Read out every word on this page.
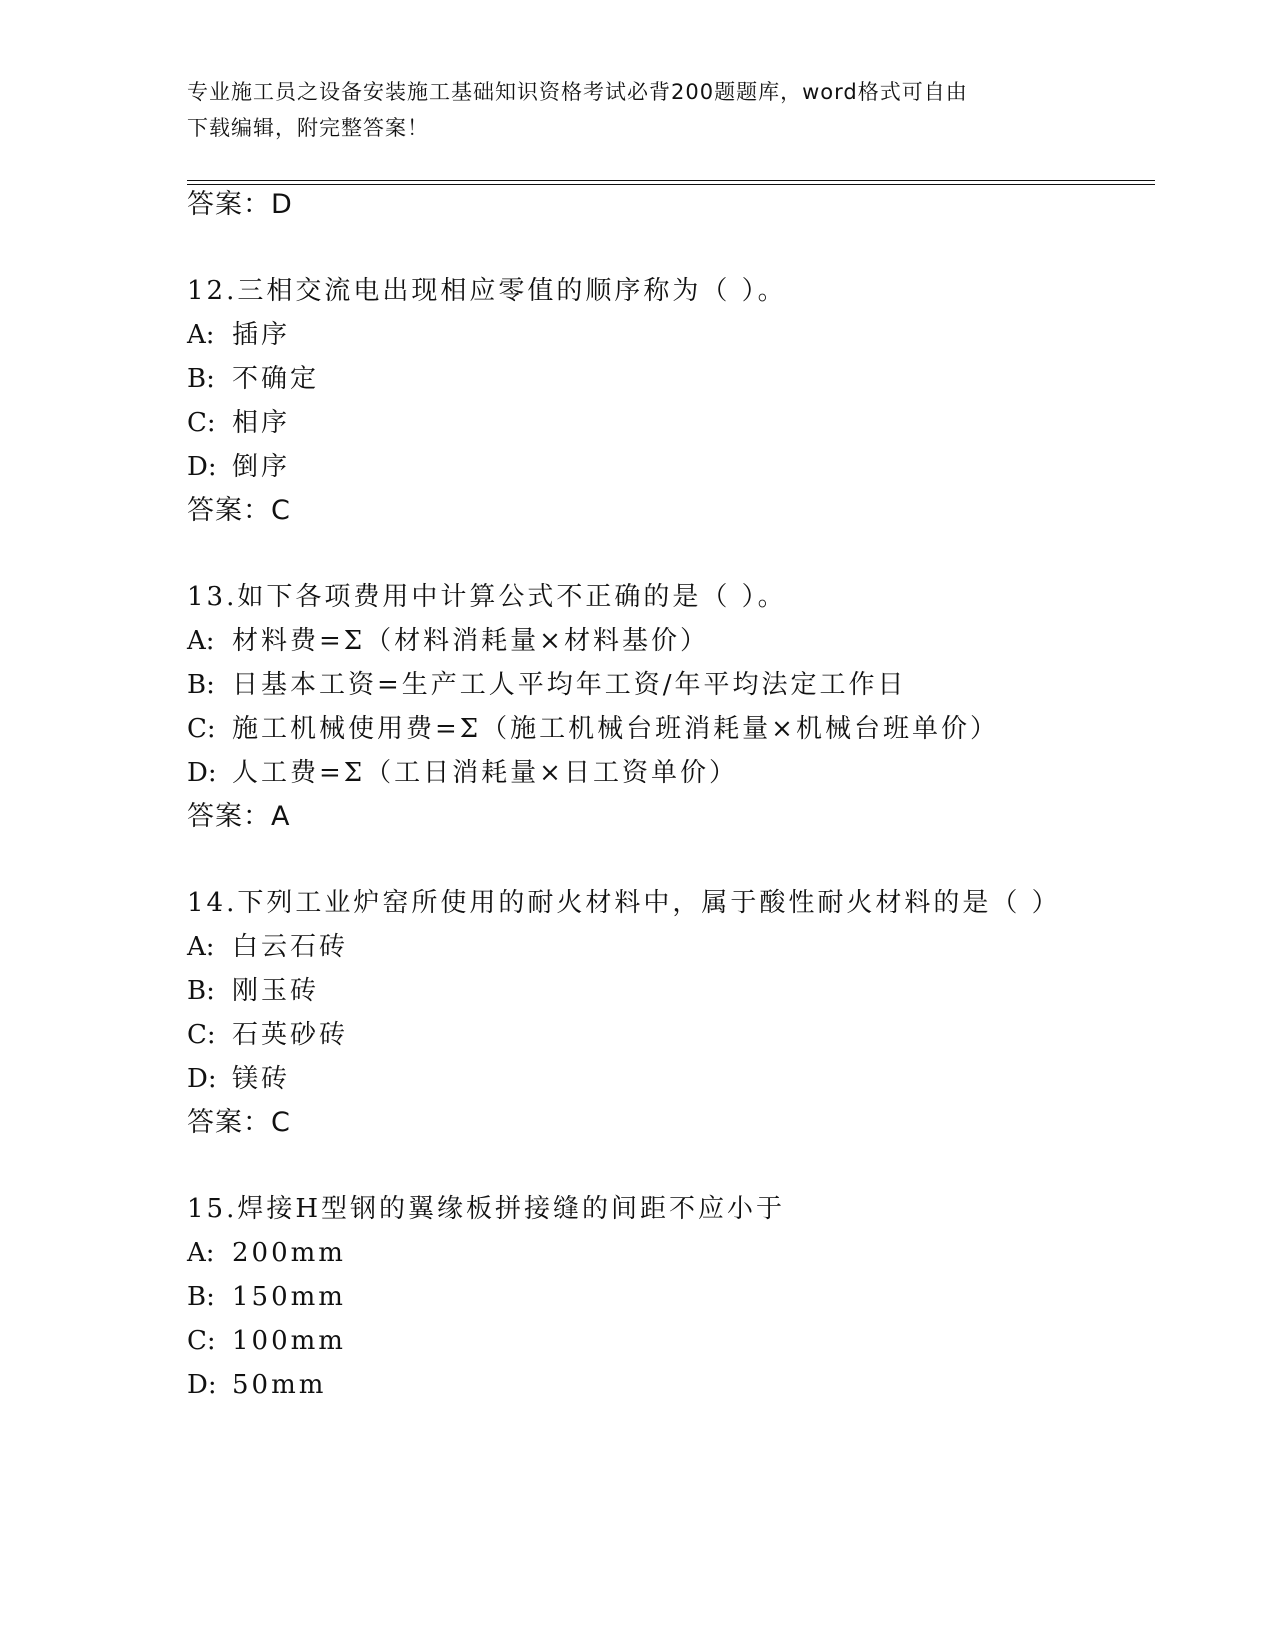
专业施工员之设备安装施工基础知识资格考试必背200题题库，word格式可自由
下载编辑，附完整答案！
答案：D
12.三相交流电出现相应零值的顺序称为（ ）。
A: 插序
B: 不确定
C: 相序
D: 倒序
答案：C
13.如下各项费用中计算公式不正确的是（ ）。
A: 材料费=Σ（材料消耗量×材料基价）
B: 日基本工资=生产工人平均年工资/年平均法定工作日
C: 施工机械使用费=Σ（施工机械台班消耗量×机械台班单价）
D: 人工费=Σ（工日消耗量×日工资单价）
答案：A
14.下列工业炉窑所使用的耐火材料中，属于酸性耐火材料的是（ ）
A: 白云石砖
B: 刚玉砖
C: 石英砂砖
D: 镁砖
答案：C
15.焊接H型钢的翼缘板拼接缝的间距不应小于
A: 200mm
B: 150mm
C: 100mm
D: 50mm
